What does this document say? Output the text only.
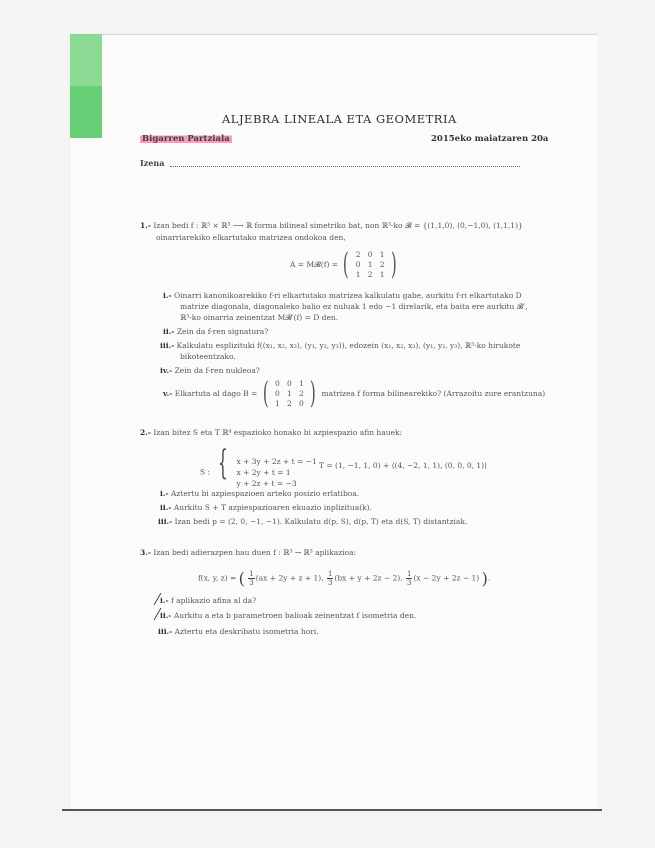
ALJEBRA LINEALA ETA GEOMETRIA
Bigarren Partziala	2015eko maiatzaren 20a
Izena
1.- Izan bedi f : ℝ³ × ℝ³ ⟶ ℝ forma bilineal simetriko bat, non ℝ³-ko 𝓑 = {(1,1,0), (0,−1,0), (1,1,1)}
oinarriarekiko elkartutako matrizea ondokoa den,
A = M𝓑(f) = ( 2 0 1
0 1 2
1 2 1 )
i.- Oinarri kanonikoarekiko f-ri elkartutako matrizea kalkulatu gabe, aurkitu f-ri elkartutako D
matrize diagonala, diagonaleko balio ez nuluak 1 edo −1 direlarik, eta baita ere aurkitu 𝓑′,
ℝ³-ko oinarria zeinentzat M𝓑′(f) = D den.
ii.- Zein da f-ren signatura?
iii.- Kalkulatu esplizituki f((x₁, x₂, x₃), (y₁, y₂, y₃)), edozein (x₁, x₂, x₃), (y₁, y₂, y₃), ℝ³-ko hirukote
bikoteentzako.
iv.- Zein da f-ren nukleoa?
v.- Elkartuta al dago B = ( 0 0 1
0 1 2
1 2 0 ) matrizea f forma bilinearekiko? (Arrazoitu zure erantzuna)
2.- Izan bitez S eta T ℝ⁴ espazioko honako bi azpiespazio afin hauek:
S : { x + 3y + 2z + t = −1
x + 2y + t = 1
y + 2z + t = −3
T = (1, −1, 1, 0) + ⟨(4, −2, 1, 1), (0, 0, 0, 1)⟩
i.- Aztertu bi azpiespazioen arteko posizio erlatiboa.
ii.- Aurkitu S + T azpiespazioaren ekuazio inplizitua(k).
iii.- Izan bedi p = (2, 0, −1, −1). Kalkulatu d(p, S), d(p, T) eta d(S, T) distantziak.
3.- Izan bedi adierazpen hau duen f : ℝ³ → ℝ³ aplikazioa:
f(x, y, z) = ( $\frac{1}{3} (ax + 2y + z + 1)$, $\frac{1}{3} (bx + y + 2z - 2)$, $\frac{1}{3} (x - 2y + 2z - 1)$ ).
i.- f aplikazio afina al da?
ii.- Aurkitu a eta b parametroen balioak zeinentzat f isometria den.
iii.- Aztertu eta deskribatu isometria hori.
